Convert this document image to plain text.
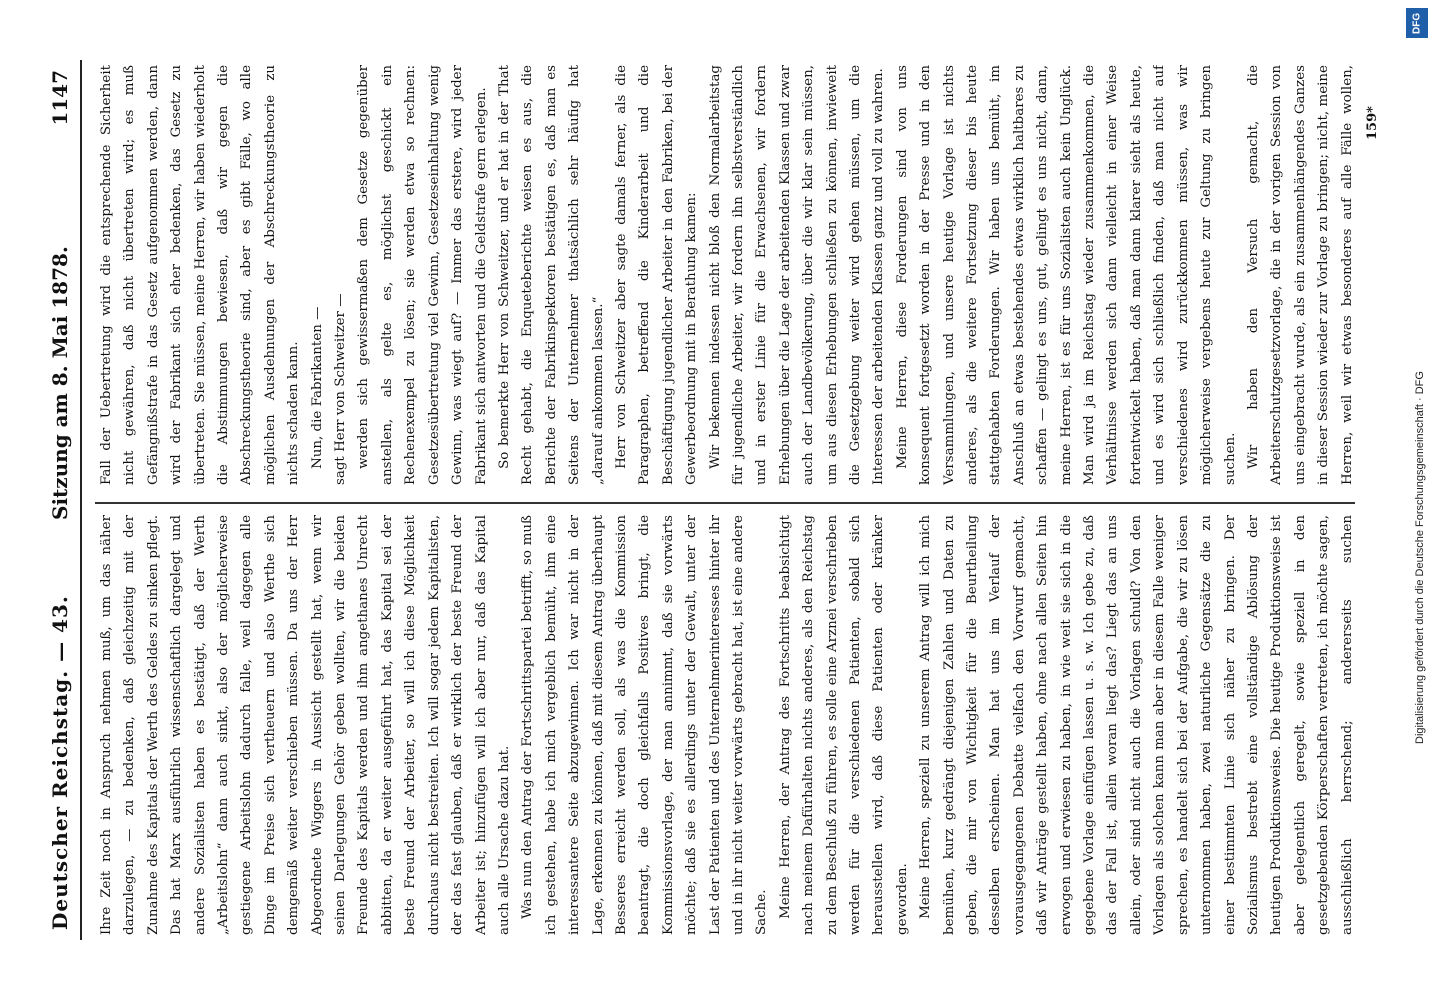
Deutscher Reichstag. — 43.
Sitzung am 8. Mai 1878.
1147

Ihre Zeit noch in Anspruch nehmen muß, um das näher darzulegen, — zu bedenken, daß gleichzeitig mit der Zunahme des Kapitals der Werth des Geldes zu sinken pflegt. Das hat Marx ausführlich wissenschaftlich dargelegt und andere Sozialisten haben es bestätigt, daß der Werth „Arbeitslohn“ dann auch sinkt, also der möglicherweise gestiegene Arbeitslohn dadurch falle, weil dagegen alle Dinge im Preise sich vertheuern und also Werthe sich demgemäß weiter verschieben müssen. Da uns der Herr Abgeordnete Wiggers in Aussicht gestellt hat, wenn wir seinen Darlegungen Gehör geben wollten, wir die beiden Freunde des Kapitals werden und ihm angethanes Unrecht abbitten, da er weiter ausgeführt hat, das Kapital sei der beste Freund der Arbeiter, so will ich diese Möglichkeit durchaus nicht bestreiten. Ich will sogar jedem Kapitalisten, der das fast glauben, daß er wirklich der beste Freund der Arbeiter ist; hinzufügen will ich aber nur, daß das Kapital auch alle Ursache dazu hat. Was nun den Antrag der Fortschrittspartei betrifft, so muß ich gestehen, habe ich mich vergeblich bemüht, ihm eine interessantere Seite abzugewinnen. Ich war nicht in der Lage, erkennen zu können, daß mit diesem Antrag überhaupt Besseres erreicht werden soll, als was die Kommission beantragt, die doch gleichfalls Positives bringt, die Kommissionsvorlage, der man annimmt, daß sie vorwärts möchte; daß sie es allerdings unter der Gewalt, unter der Last der Patienten und des Unternehmerinteresses hinter ihr und in ihr nicht weiter vorwärts gebracht hat, ist eine andere Sache. Meine Herren, der Antrag des Fortschritts beabsichtigt nach meinem Dafürhalten nichts anderes, als den Reichstag zu dem Beschluß zu führen, es solle eine Arznei verschrieben werden für die verschiedenen Patienten, sobald sich herausstellen wird, daß diese Patienten oder kränker geworden. Meine Herren, speziell zu unserem Antrag will ich mich bemühen, kurz gedrängt diejenigen Zahlen und Daten zu geben, die mir von Wichtigkeit für die Beurtheilung desselben erscheinen. Man hat uns im Verlauf der vorausgegangenen Debatte vielfach den Vorwurf gemacht, daß wir Anträge gestellt haben, ohne nach allen Seiten hin erwogen und erwiesen zu haben, in wie weit sie sich in die gegebene Vorlage einfügen lassen u. s. w. Ich gebe zu, daß das der Fall ist, allein woran liegt das? Liegt das an uns allein, oder sind nicht auch die Vorlagen schuld? Von den Vorlagen als solchen kann man aber in diesem Falle weniger sprechen, es handelt sich bei der Aufgabe, die wir zu lösen unternommen haben, zwei naturliche Gegensätze die zu einer bestimmten Linie sich näher zu bringen. Der Sozialismus bestrebt eine vollständige Ablösung der heutigen Produktionsweise. Die heutige Produktionsweise ist aber gelegentlich geregelt, sowie speziell in den gesetzgebenden Körperschaften vertreten, ich möchte sagen, ausschließlich herrschend; andererseits suchen

Fall der Uebertretung wird die entsprechende Sicherheit nicht gewähren, daß nicht übertreten wird; es muß Gefängnißstrafe in das Gesetz aufgenommen werden, dann wird der Fabrikant sich eher bedenken, das Gesetz zu übertreten. Sie müssen, meine Herren, wir haben wiederholt die Abstimmungen bewiesen, daß wir gegen die Abschreckungstheorie sind, aber es gibt Fälle, wo alle möglichen Ausdehnungen der Abschreckungstheorie zu nichts schaden kann. Nun, die Fabrikanten — sagt Herr von Schweitzer — werden sich gewissermaßen dem Gesetze gegenüber anstellen, als gelte es, möglichst geschickt ein Rechenexempel zu lösen; sie werden etwa so rechnen: Gesetzesübertretung viel Gewinn, Gesetzeseinhaltung wenig Gewinn, was wiegt auf? — Immer das erstere, wird jeder Fabrikant sich antworten und die Geldstrafe gern erlegen. So bemerkte Herr von Schweitzer, und er hat in der That Recht gehabt, die Enqueteberichte weisen es aus, die Berichte der Fabrikinspektoren bestätigen es, daß man es Seitens der Unternehmer thatsächlich sehr häufig hat „darauf ankommen lassen.“ Herr von Schweitzer aber sagte damals ferner, als die Paragraphen, betreffend die Kinderarbeit und die Beschäftigung jugendlicher Arbeiter in den Fabriken, bei der Gewerbeordnung mit in Berathung kamen: Wir bekennen indessen nicht bloß den Normalarbeitstag für jugendliche Arbeiter, wir fordern ihn selbstverständlich und in erster Linie für die Erwachsenen, wir fordern Erhebungen über die Lage der arbeitenden Klassen und zwar auch der Landbevölkerung, über die wir klar sein müssen, um aus diesen Erhebungen schließen zu können, inwieweit die Gesetzgebung weiter wird gehen müssen, um die Interessen der arbeitenden Klassen ganz und voll zu wahren. Meine Herren, diese Forderungen sind von uns konsequent fortgesetzt worden in der Presse und in den Versammlungen, und unsere heutige Vorlage ist nichts anderes, als die weitere Fortsetzung dieser bis heute stattgehabten Forderungen. Wir haben uns bemüht, im Anschluß an etwas bestehendes etwas wirklich haltbares zu schaffen — gelingt es uns, gut, gelingt es uns nicht, dann, meine Herren, ist es für uns Sozialisten auch kein Unglück. Man wird ja im Reichstag wieder zusammenkommen, die Verhältnisse werden sich dann vielleicht in einer Weise fortentwickelt haben, daß man dann klarer sieht als heute, und es wird sich schließlich finden, daß man nicht auf verschiedenes wird zurückkommen müssen, was wir möglicherweise vergebens heute zur Geltung zu bringen suchen. Wir haben den Versuch gemacht, die Arbeiterschutzgesetzvorlage, die in der vorigen Session von uns eingebracht wurde, als ein zusammenhängendes Ganzes in dieser Session wieder zur Vorlage zu bringen; nicht, meine Herren, weil wir etwas besonderes auf alle Fälle wollen,

159*
DFG
Digitalisierung gefördert durch die Deutsche Forschungsgemeinschaft · DFG
